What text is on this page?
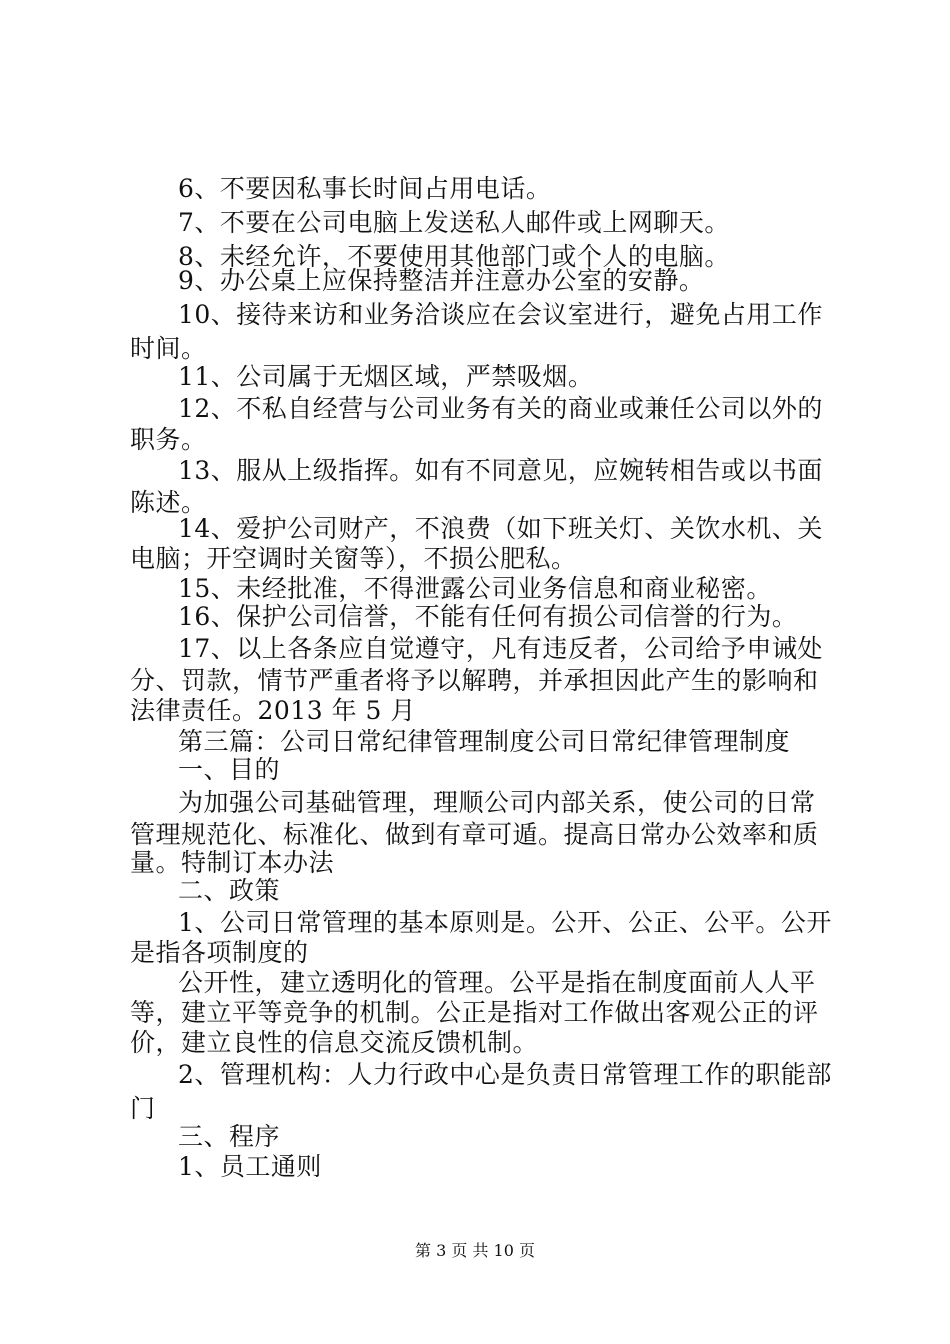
6、不要因私事长时间占用电话。
7、不要在公司电脑上发送私人邮件或上网聊天。
8、未经允许，不要使用其他部门或个人的电脑。
9、办公桌上应保持整洁并注意办公室的安静。
10、接待来访和业务洽谈应在会议室进行，避免占用工作
时间。
11、公司属于无烟区域，严禁吸烟。
12、不私自经营与公司业务有关的商业或兼任公司以外的
职务。
13、服从上级指挥。如有不同意见，应婉转相告或以书面
陈述。
14、爱护公司财产，不浪费（如下班关灯、关饮水机、关
电脑；开空调时关窗等），不损公肥私。
15、未经批准，不得泄露公司业务信息和商业秘密。
16、保护公司信誉，不能有任何有损公司信誉的行为。
17、以上各条应自觉遵守，凡有违反者，公司给予申诫处
分、罚款，情节严重者将予以解聘，并承担因此产生的影响和
法律责任。2013 年 5 月
第三篇：公司日常纪律管理制度公司日常纪律管理制度
一、目的
为加强公司基础管理，理顺公司内部关系，使公司的日常
管理规范化、标准化、做到有章可遁。提高日常办公效率和质
量。特制订本办法
二、政策
1、公司日常管理的基本原则是。公开、公正、公平。公开
是指各项制度的
公开性，建立透明化的管理。公平是指在制度面前人人平
等，建立平等竞争的机制。公正是指对工作做出客观公正的评
价，建立良性的信息交流反馈机制。
2、管理机构：人力行政中心是负责日常管理工作的职能部
门
三、程序
1、员工通则
第 3 页 共 10 页
